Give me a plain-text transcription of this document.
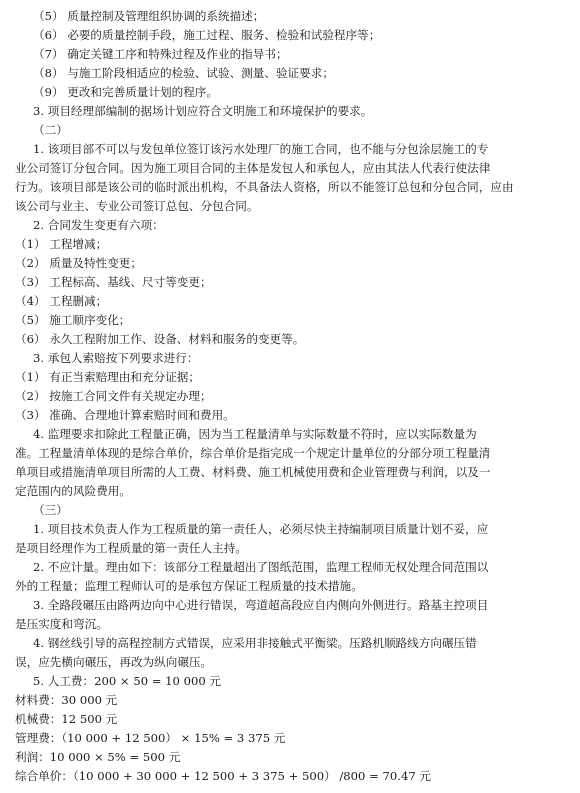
（5） 质量控制及管理组织协调的系统描述；
（6） 必要的质量控制手段，施工过程、服务、检验和试验程序等；
（7） 确定关键工序和特殊过程及作业的指导书；
（8） 与施工阶段相适应的检验、试验、测量、验证要求；
（9） 更改和完善质量计划的程序。
3. 项目经理部编制的据场计划应符合文明施工和环境保护的要求。
（二）
1. 该项目部不可以与发包单位签订该污水处理厂的施工合同，也不能与分包涂层施工的专
业公司签订分包合同。因为施工项目合同的主体是发包人和承包人，应由其法人代表行使法律
行为。该项目部是该公司的临时派出机构，不具备法人资格，所以不能签订总包和分包合同，应由
该公司与业主、专业公司签订总包、分包合同。
2. 合同发生变更有六项：
（1） 工程增减；
（2） 质量及特性变更；
（3） 工程标高、基线、尺寸等变更；
（4） 工程删减；
（5） 施工顺序变化；
（6） 永久工程附加工作、设备、材料和服务的变更等。
3. 承包人索赔按下列要求进行：
（1） 有正当索赔理由和充分证据；
（2） 按施工合同文件有关规定办理；
（3） 准确、合理地计算索赔时间和费用。
4. 监理要求扣除此工程量正确，因为当工程量清单与实际数量不符时，应以实际数量为
准。工程量清单体现的是综合单价，综合单价是指完成一个规定计量单位的分部分项工程量清
单项目或措施清单项目所需的人工费、材料费、施工机械使用费和企业管理费与利润，以及一
定范围内的风险费用。
（三）
1. 项目技术负责人作为工程质量的第一责任人，必须尽快主持编制项目质量计划不妥，应
是项目经理作为工程质量的第一责任人主持。
2. 不应计量。理由如下：该部分工程量超出了图纸范围，监理工程师无权处理合同范围以
外的工程量；监理工程师认可的是承包方保证工程质量的技术措施。
3. 全路段碾压由路两边向中心进行错误，弯道超高段应自内侧向外侧进行。路基主控项目
是压实度和弯沉。
4. 钢丝线引导的高程控制方式错误，应采用非接触式平衡梁。压路机顺路线方向碾压错
误，应先横向碾压，再改为纵向碾压。
5. 人工费：200 × 50 = 10 000 元
材料费：30 000 元
机械费：12 500 元
管理费：（10 000 + 12 500） × 15% = 3 375 元
利润：10 000 × 5% = 500 元
综合单价：（10 000 + 30 000 + 12 500 + 3 375 + 500） /800 = 70.47 元
